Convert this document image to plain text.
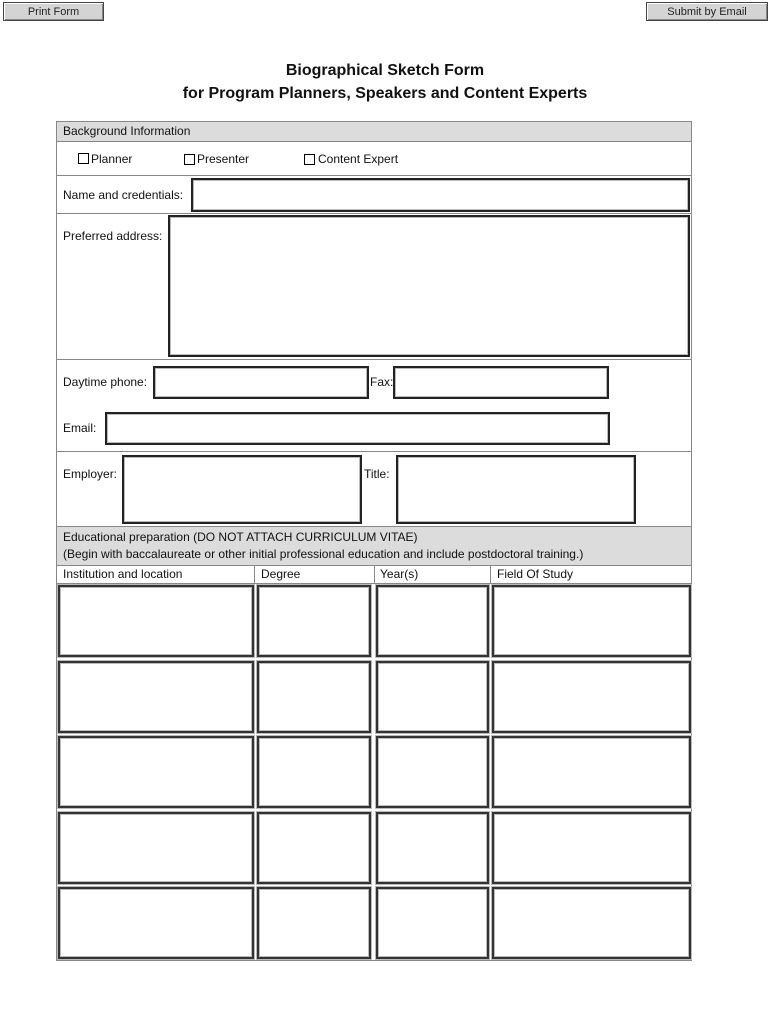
Print Form	Submit by Email
Biographical Sketch Form
for Program Planners, Speakers and Content Experts
Background Information
Planner	Presenter	Content Expert
Name and credentials:
Preferred address:
Daytime phone:	Fax:
Email:
Employer:	Title:
Educational preparation (DO NOT ATTACH CURRICULUM VITAE)
(Begin with baccalaureate or other initial professional education and include postdoctoral training.)
Institution and location	Degree	Year(s)	Field Of Study
